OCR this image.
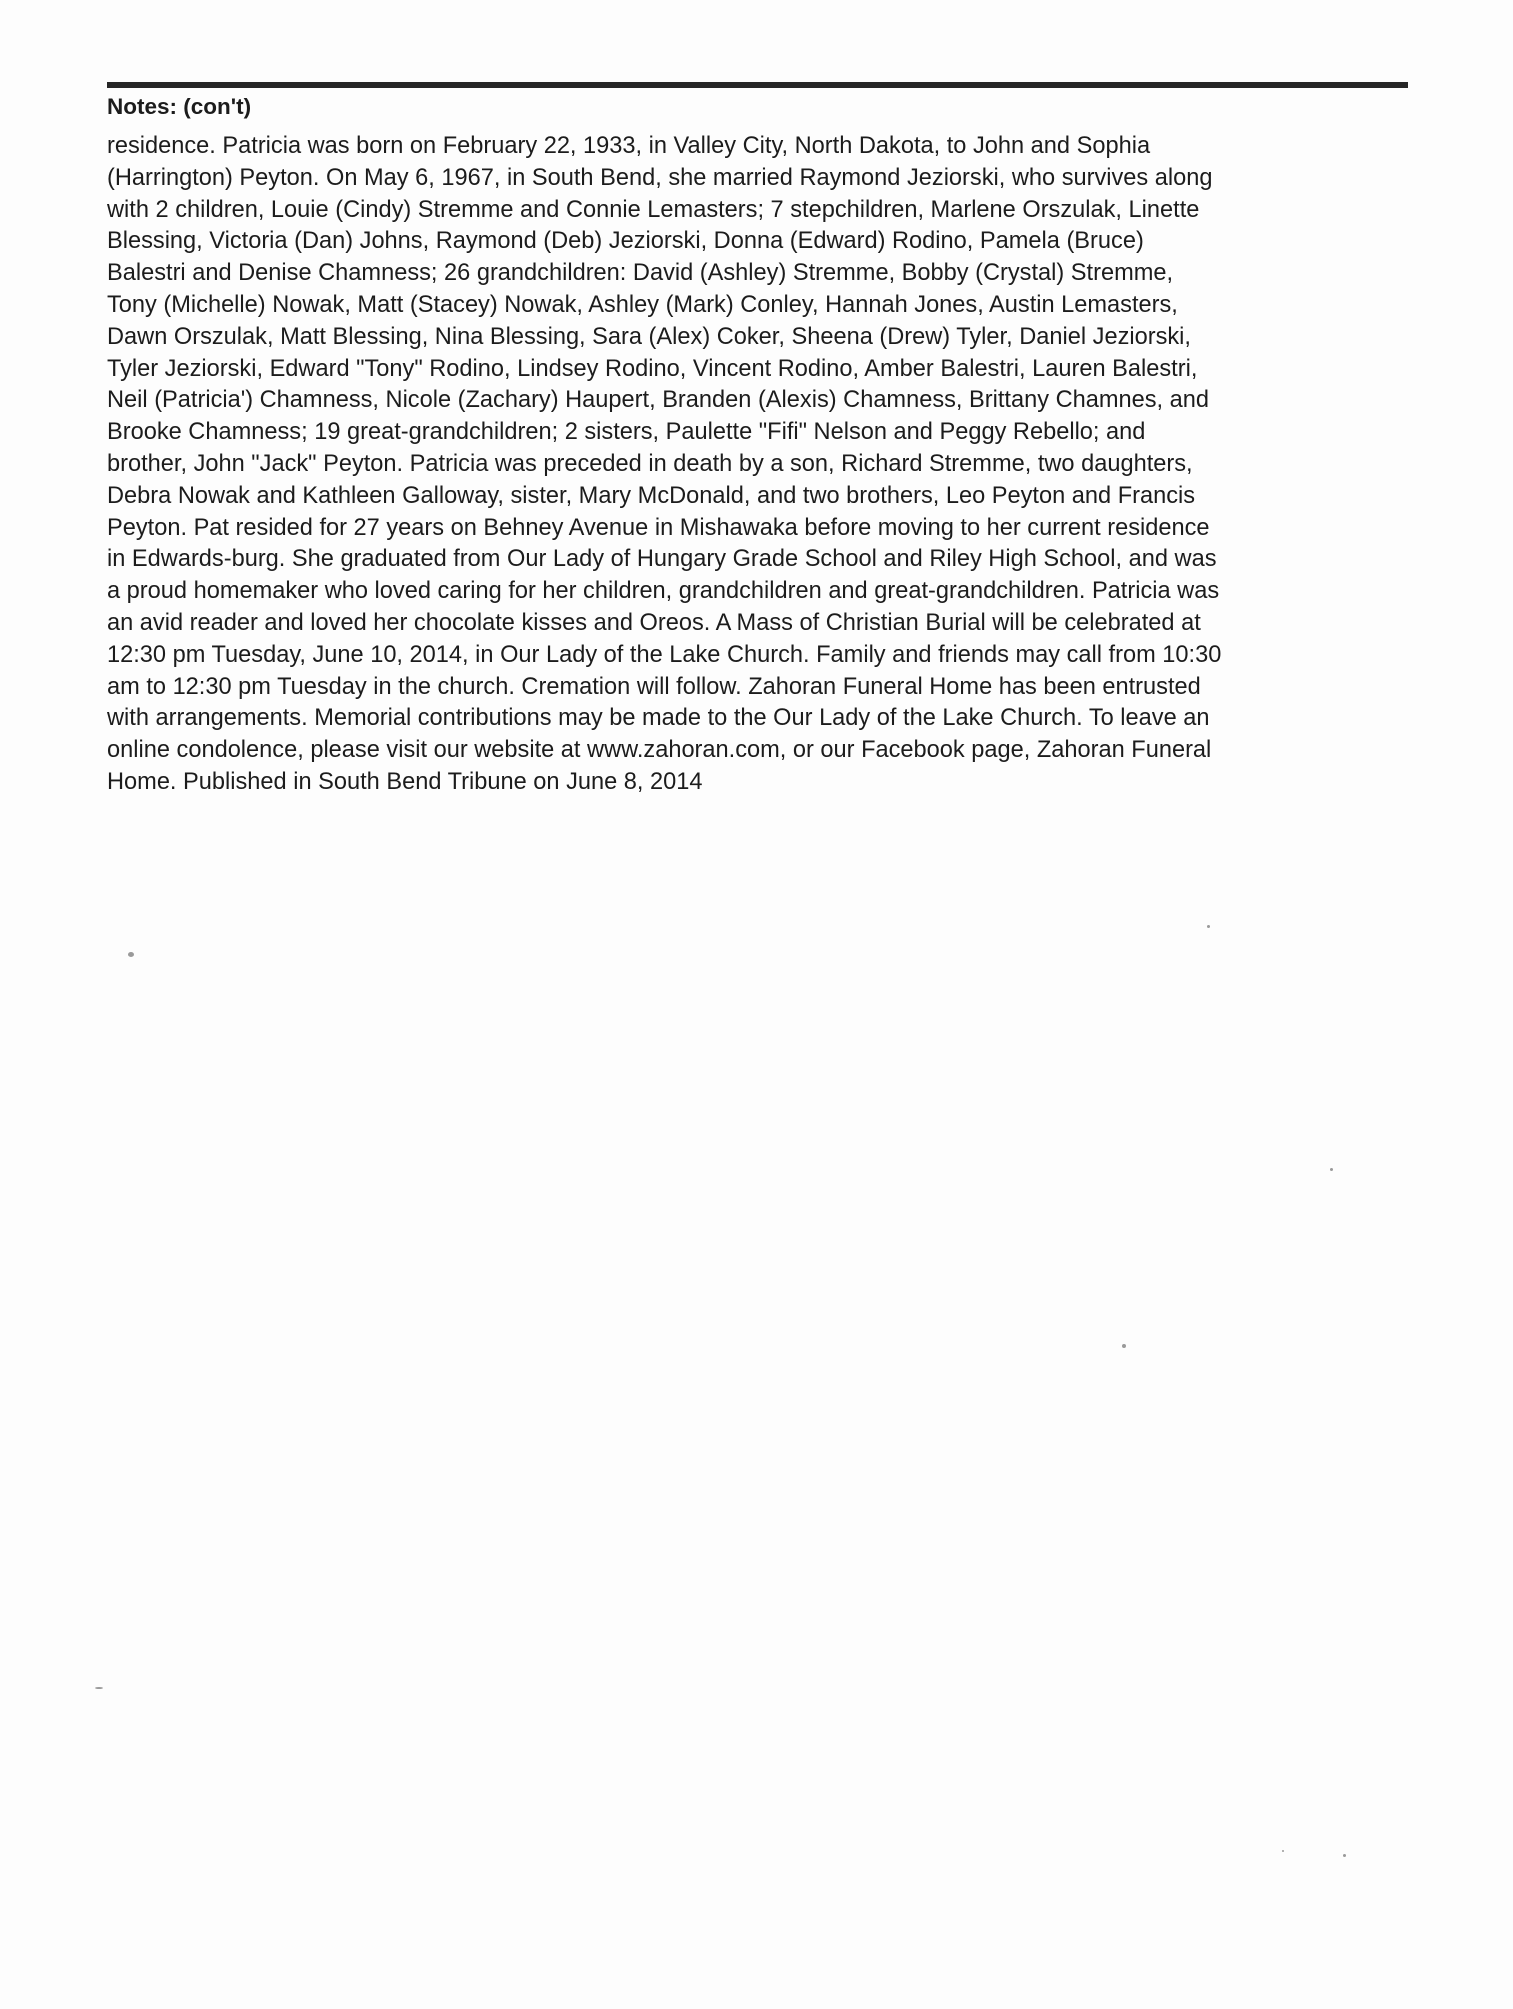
Notes: (con't)
residence. Patricia was born on February 22, 1933, in Valley City, North Dakota, to John and Sophia
(Harrington) Peyton. On May 6, 1967, in South Bend, she married Raymond Jeziorski, who survives along
with 2 children, Louie (Cindy) Stremme and Connie Lemasters; 7 stepchildren, Marlene Orszulak, Linette
Blessing, Victoria (Dan) Johns, Raymond (Deb) Jeziorski, Donna (Edward) Rodino, Pamela (Bruce)
Balestri and Denise Chamness; 26 grandchildren: David (Ashley) Stremme, Bobby (Crystal) Stremme,
Tony (Michelle) Nowak, Matt (Stacey) Nowak, Ashley (Mark) Conley, Hannah Jones, Austin Lemasters,
Dawn Orszulak, Matt Blessing, Nina Blessing, Sara (Alex) Coker, Sheena (Drew) Tyler, Daniel Jeziorski,
Tyler Jeziorski, Edward "Tony" Rodino, Lindsey Rodino, Vincent Rodino, Amber Balestri, Lauren Balestri,
Neil (Patricia') Chamness, Nicole (Zachary) Haupert, Branden (Alexis) Chamness, Brittany Chamnes, and
Brooke Chamness; 19 great-grandchildren; 2 sisters, Paulette "Fifi" Nelson and Peggy Rebello; and
brother, John "Jack" Peyton. Patricia was preceded in death by a son, Richard Stremme, two daughters,
Debra Nowak and Kathleen Galloway, sister, Mary McDonald, and two brothers, Leo Peyton and Francis
Peyton. Pat resided for 27 years on Behney Avenue in Mishawaka before moving to her current residence
in Edwards-burg. She graduated from Our Lady of Hungary Grade School and Riley High School, and was
a proud homemaker who loved caring for her children, grandchildren and great-grandchildren. Patricia was
an avid reader and loved her chocolate kisses and Oreos. A Mass of Christian Burial will be celebrated at
12:30 pm Tuesday, June 10, 2014, in Our Lady of the Lake Church. Family and friends may call from 10:30
am to 12:30 pm Tuesday in the church. Cremation will follow. Zahoran Funeral Home has been entrusted
with arrangements. Memorial contributions may be made to the Our Lady of the Lake Church. To leave an
online condolence, please visit our website at www.zahoran.com, or our Facebook page, Zahoran Funeral
Home. Published in South Bend Tribune on June 8, 2014
